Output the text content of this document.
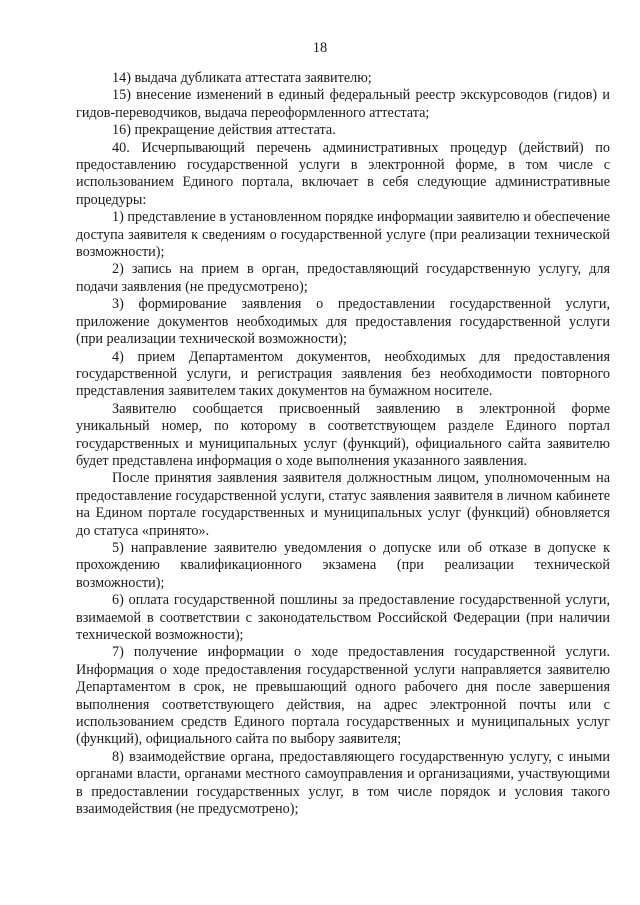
18

14) выдача дубликата аттестата заявителю;

15) внесение изменений в единый федеральный реестр экскурсоводов (гидов) и гидов-переводчиков, выдача переоформленного аттестата;

16) прекращение действия аттестата.

40. Исчерпывающий перечень административных процедур (действий) по предоставлению государственной услуги в электронной форме, в том числе с использованием Единого портала, включает в себя следующие административные процедуры:

1) представление в установленном порядке информации заявителю и обеспечение доступа заявителя к сведениям о государственной услуге (при реализации технической возможности);

2) запись на прием в орган, предоставляющий государственную услугу, для подачи заявления (не предусмотрено);

3) формирование заявления о предоставлении государственной услуги, приложение документов необходимых для предоставления государственной услуги (при реализации технической возможности);

4) прием Департаментом документов, необходимых для предоставления государственной услуги, и регистрация заявления без необходимости повторного представления заявителем таких документов на бумажном носителе.

Заявителю сообщается присвоенный заявлению в электронной форме уникальный номер, по которому в соответствующем разделе Единого портал государственных и муниципальных услуг (функций), официального сайта заявителю будет представлена информация о ходе выполнения указанного заявления.

После принятия заявления заявителя должностным лицом, уполномоченным на предоставление государственной услуги, статус заявления заявителя в личном кабинете на Едином портале государственных и муниципальных услуг (функций) обновляется до статуса «принято».

5) направление заявителю уведомления о допуске или об отказе в допуске к прохождению квалификационного экзамена (при реализации технической возможности);

6) оплата государственной пошлины за предоставление государственной услуги, взимаемой в соответствии с законодательством Российской Федерации (при наличии технической возможности);

7) получение информации о ходе предоставления государственной услуги. Информация о ходе предоставления государственной услуги направляется заявителю Департаментом в срок, не превышающий одного рабочего дня после завершения выполнения соответствующего действия, на адрес электронной почты или с использованием средств Единого портала государственных и муниципальных услуг (функций), официального сайта по выбору заявителя;

8) взаимодействие органа, предоставляющего государственную услугу, с иными органами власти, органами местного самоуправления и организациями, участвующими в предоставлении государственных услуг, в том числе порядок и условия такого взаимодействия (не предусмотрено);
